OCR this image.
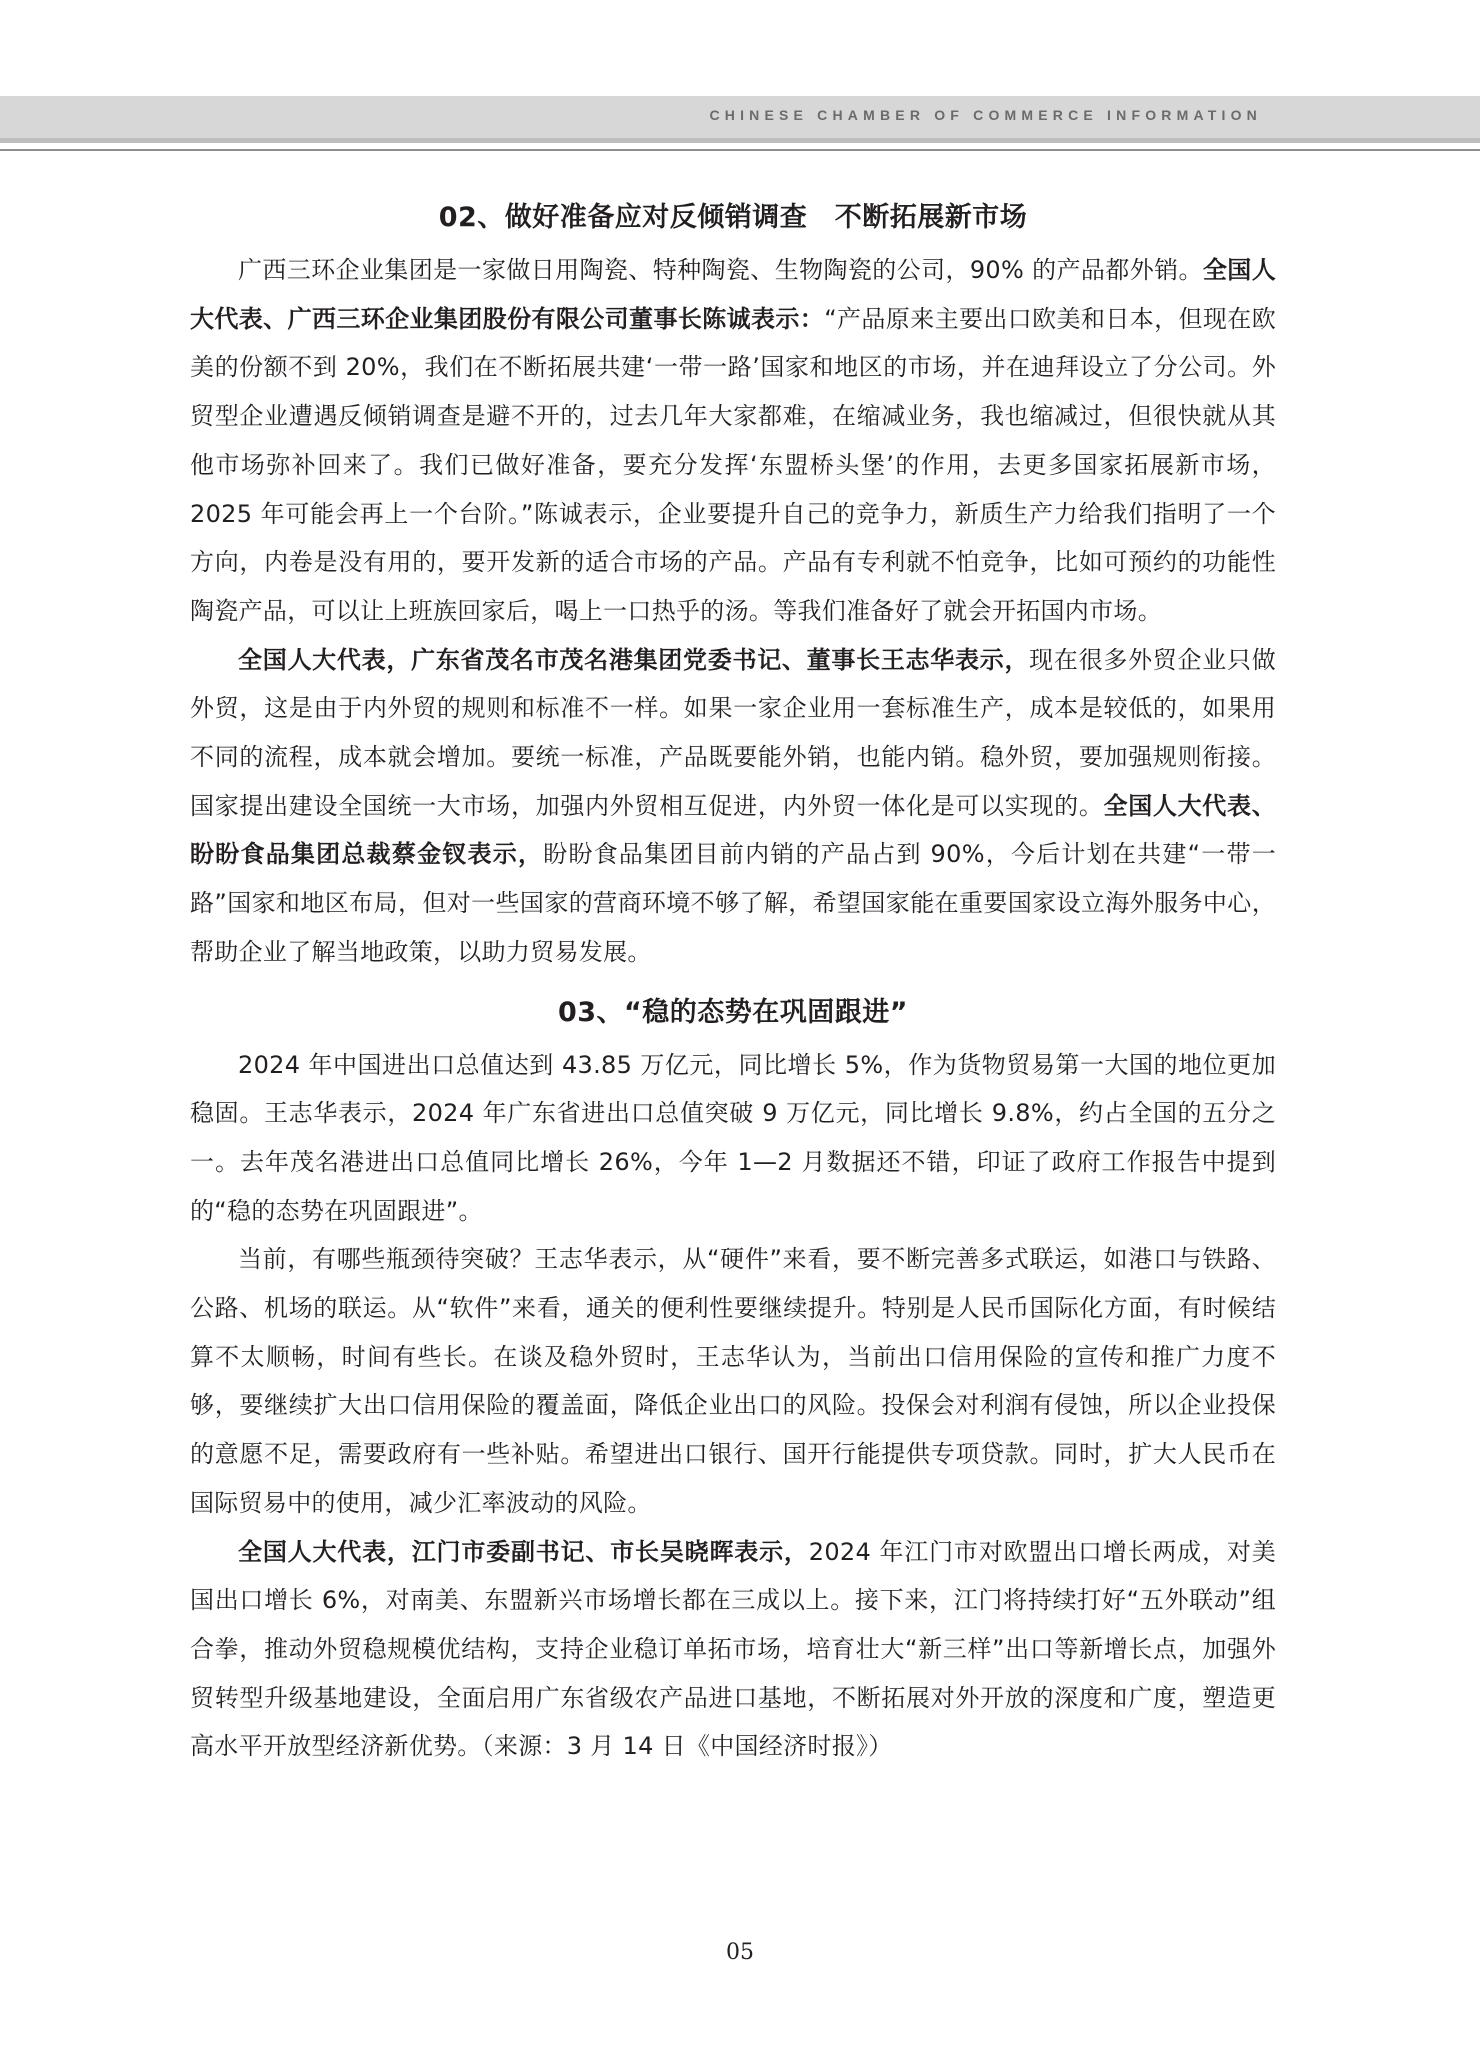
CHINESE CHAMBER OF COMMERCE INFORMATION
02、做好准备应对反倾销调查　不断拓展新市场

广西三环企业集团是一家做日用陶瓷、特种陶瓷、生物陶瓷的公司，90% 的产品都外销。全国人大代表、广西三环企业集团股份有限公司董事长陈诚表示：“产品原来主要出口欧美和日本，但现在欧美的份额不到 20%，我们在不断拓展共建‘一带一路’国家和地区的市场，并在迪拜设立了分公司。外贸型企业遭遇反倾销调查是避不开的，过去几年大家都难，在缩减业务，我也缩减过，但很快就从其他市场弥补回来了。我们已做好准备，要充分发挥‘东盟桥头堡’的作用，去更多国家拓展新市场，2025 年可能会再上一个台阶。”陈诚表示，企业要提升自己的竞争力，新质生产力给我们指明了一个方向，内卷是没有用的，要开发新的适合市场的产品。产品有专利就不怕竞争，比如可预约的功能性陶瓷产品，可以让上班族回家后，喝上一口热乎的汤。等我们准备好了就会开拓国内市场。

全国人大代表，广东省茂名市茂名港集团党委书记、董事长王志华表示，现在很多外贸企业只做外贸，这是由于内外贸的规则和标准不一样。如果一家企业用一套标准生产，成本是较低的，如果用不同的流程，成本就会增加。要统一标准，产品既要能外销，也能内销。稳外贸，要加强规则衔接。国家提出建设全国统一大市场，加强内外贸相互促进，内外贸一体化是可以实现的。全国人大代表、盼盼食品集团总裁蔡金钗表示，盼盼食品集团目前内销的产品占到 90%，今后计划在共建“一带一路”国家和地区布局，但对一些国家的营商环境不够了解，希望国家能在重要国家设立海外服务中心，帮助企业了解当地政策，以助力贸易发展。

03、“稳的态势在巩固跟进”

2024 年中国进出口总值达到 43.85 万亿元，同比增长 5%，作为货物贸易第一大国的地位更加稳固。王志华表示，2024 年广东省进出口总值突破 9 万亿元，同比增长 9.8%，约占全国的五分之一。去年茂名港进出口总值同比增长 26%，今年 1—2 月数据还不错，印证了政府工作报告中提到的“稳的态势在巩固跟进”。

当前，有哪些瓶颈待突破？王志华表示，从“硬件”来看，要不断完善多式联运，如港口与铁路、公路、机场的联运。从“软件”来看，通关的便利性要继续提升。特别是人民币国际化方面，有时候结算不太顺畅，时间有些长。在谈及稳外贸时，王志华认为，当前出口信用保险的宣传和推广力度不够，要继续扩大出口信用保险的覆盖面，降低企业出口的风险。投保会对利润有侵蚀，所以企业投保的意愿不足，需要政府有一些补贴。希望进出口银行、国开行能提供专项贷款。同时，扩大人民币在国际贸易中的使用，减少汇率波动的风险。

全国人大代表，江门市委副书记、市长吴晓晖表示，2024 年江门市对欧盟出口增长两成，对美国出口增长 6%，对南美、东盟新兴市场增长都在三成以上。接下来，江门将持续打好“五外联动”组合拳，推动外贸稳规模优结构，支持企业稳订单拓市场，培育壮大“新三样”出口等新增长点，加强外贸转型升级基地建设，全面启用广东省级农产品进口基地，不断拓展对外开放的深度和广度，塑造更高水平开放型经济新优势。（来源：3 月 14 日《中国经济时报》）

05
